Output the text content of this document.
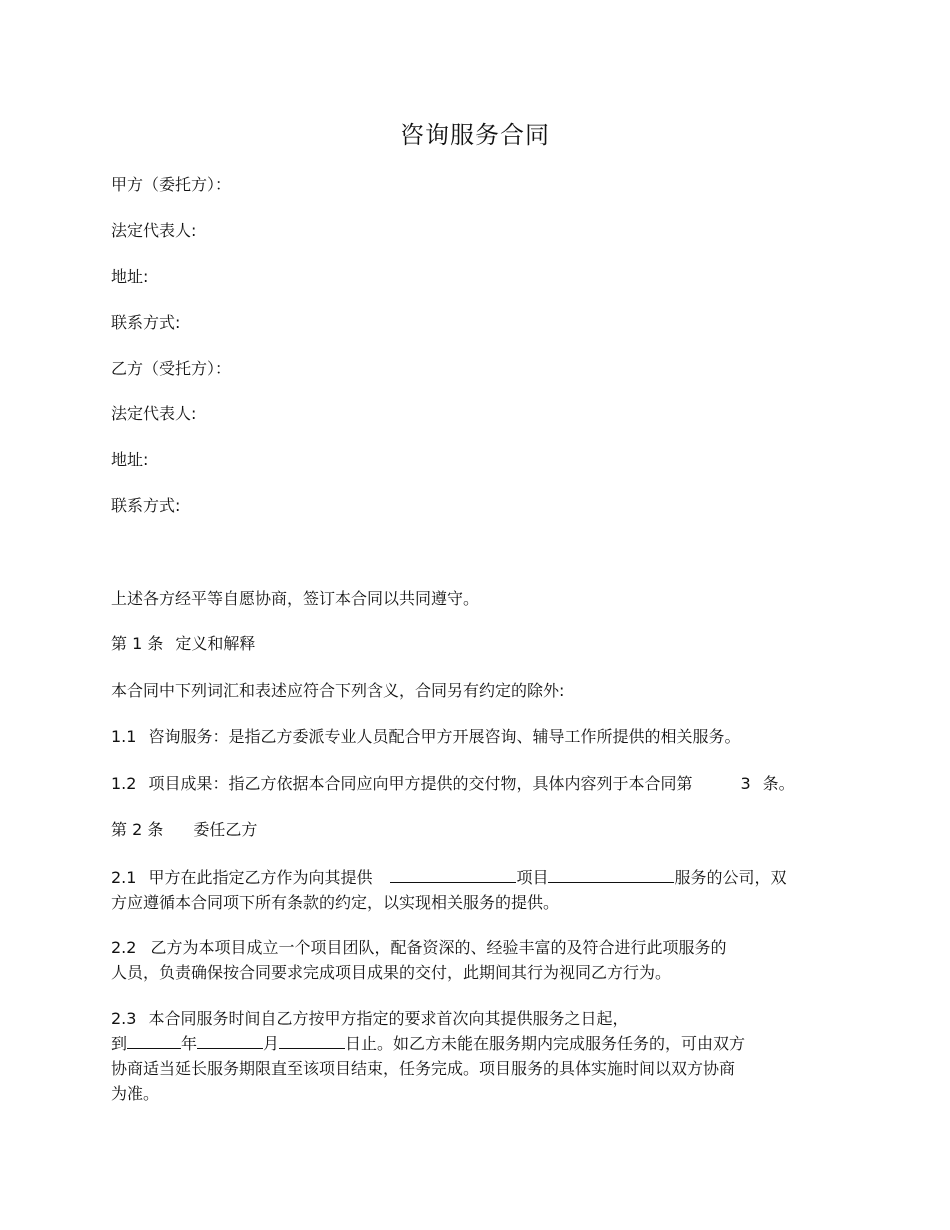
咨询服务合同
甲方（委托方）：
法定代表人:
地址:
联系方式:
乙方（受托方）：
法定代表人:
地址:
联系方式:
上述各方经平等自愿协商，签订本合同以共同遵守。
第 1 条 定义和解释
本合同中下列词汇和表述应符合下列含义，合同另有约定的除外:
1.1 咨询服务：是指乙方委派专业人员配合甲方开展咨询、辅导工作所提供的相关服务。
1.2 项目成果：指乙方依据本合同应向甲方提供的交付物，具体内容列于本合同第	3 条。
第 2 条 委任乙方
2.1 甲方在此指定乙方作为向其提供	项目	服务的公司，双
方应遵循本合同项下所有条款的约定，以实现相关服务的提供。
2.2 乙方为本项目成立一个项目团队，配备资深的、经验丰富的及符合进行此项服务的
人员，负责确保按合同要求完成项目成果的交付，此期间其行为视同乙方行为。
2.3 本合同服务时间自乙方按甲方指定的要求首次向其提供服务之日起，
到	年	月	日止。如乙方未能在服务期内完成服务任务的，可由双方
协商适当延长服务期限直至该项目结束，任务完成。项目服务的具体实施时间以双方协商
为准。
